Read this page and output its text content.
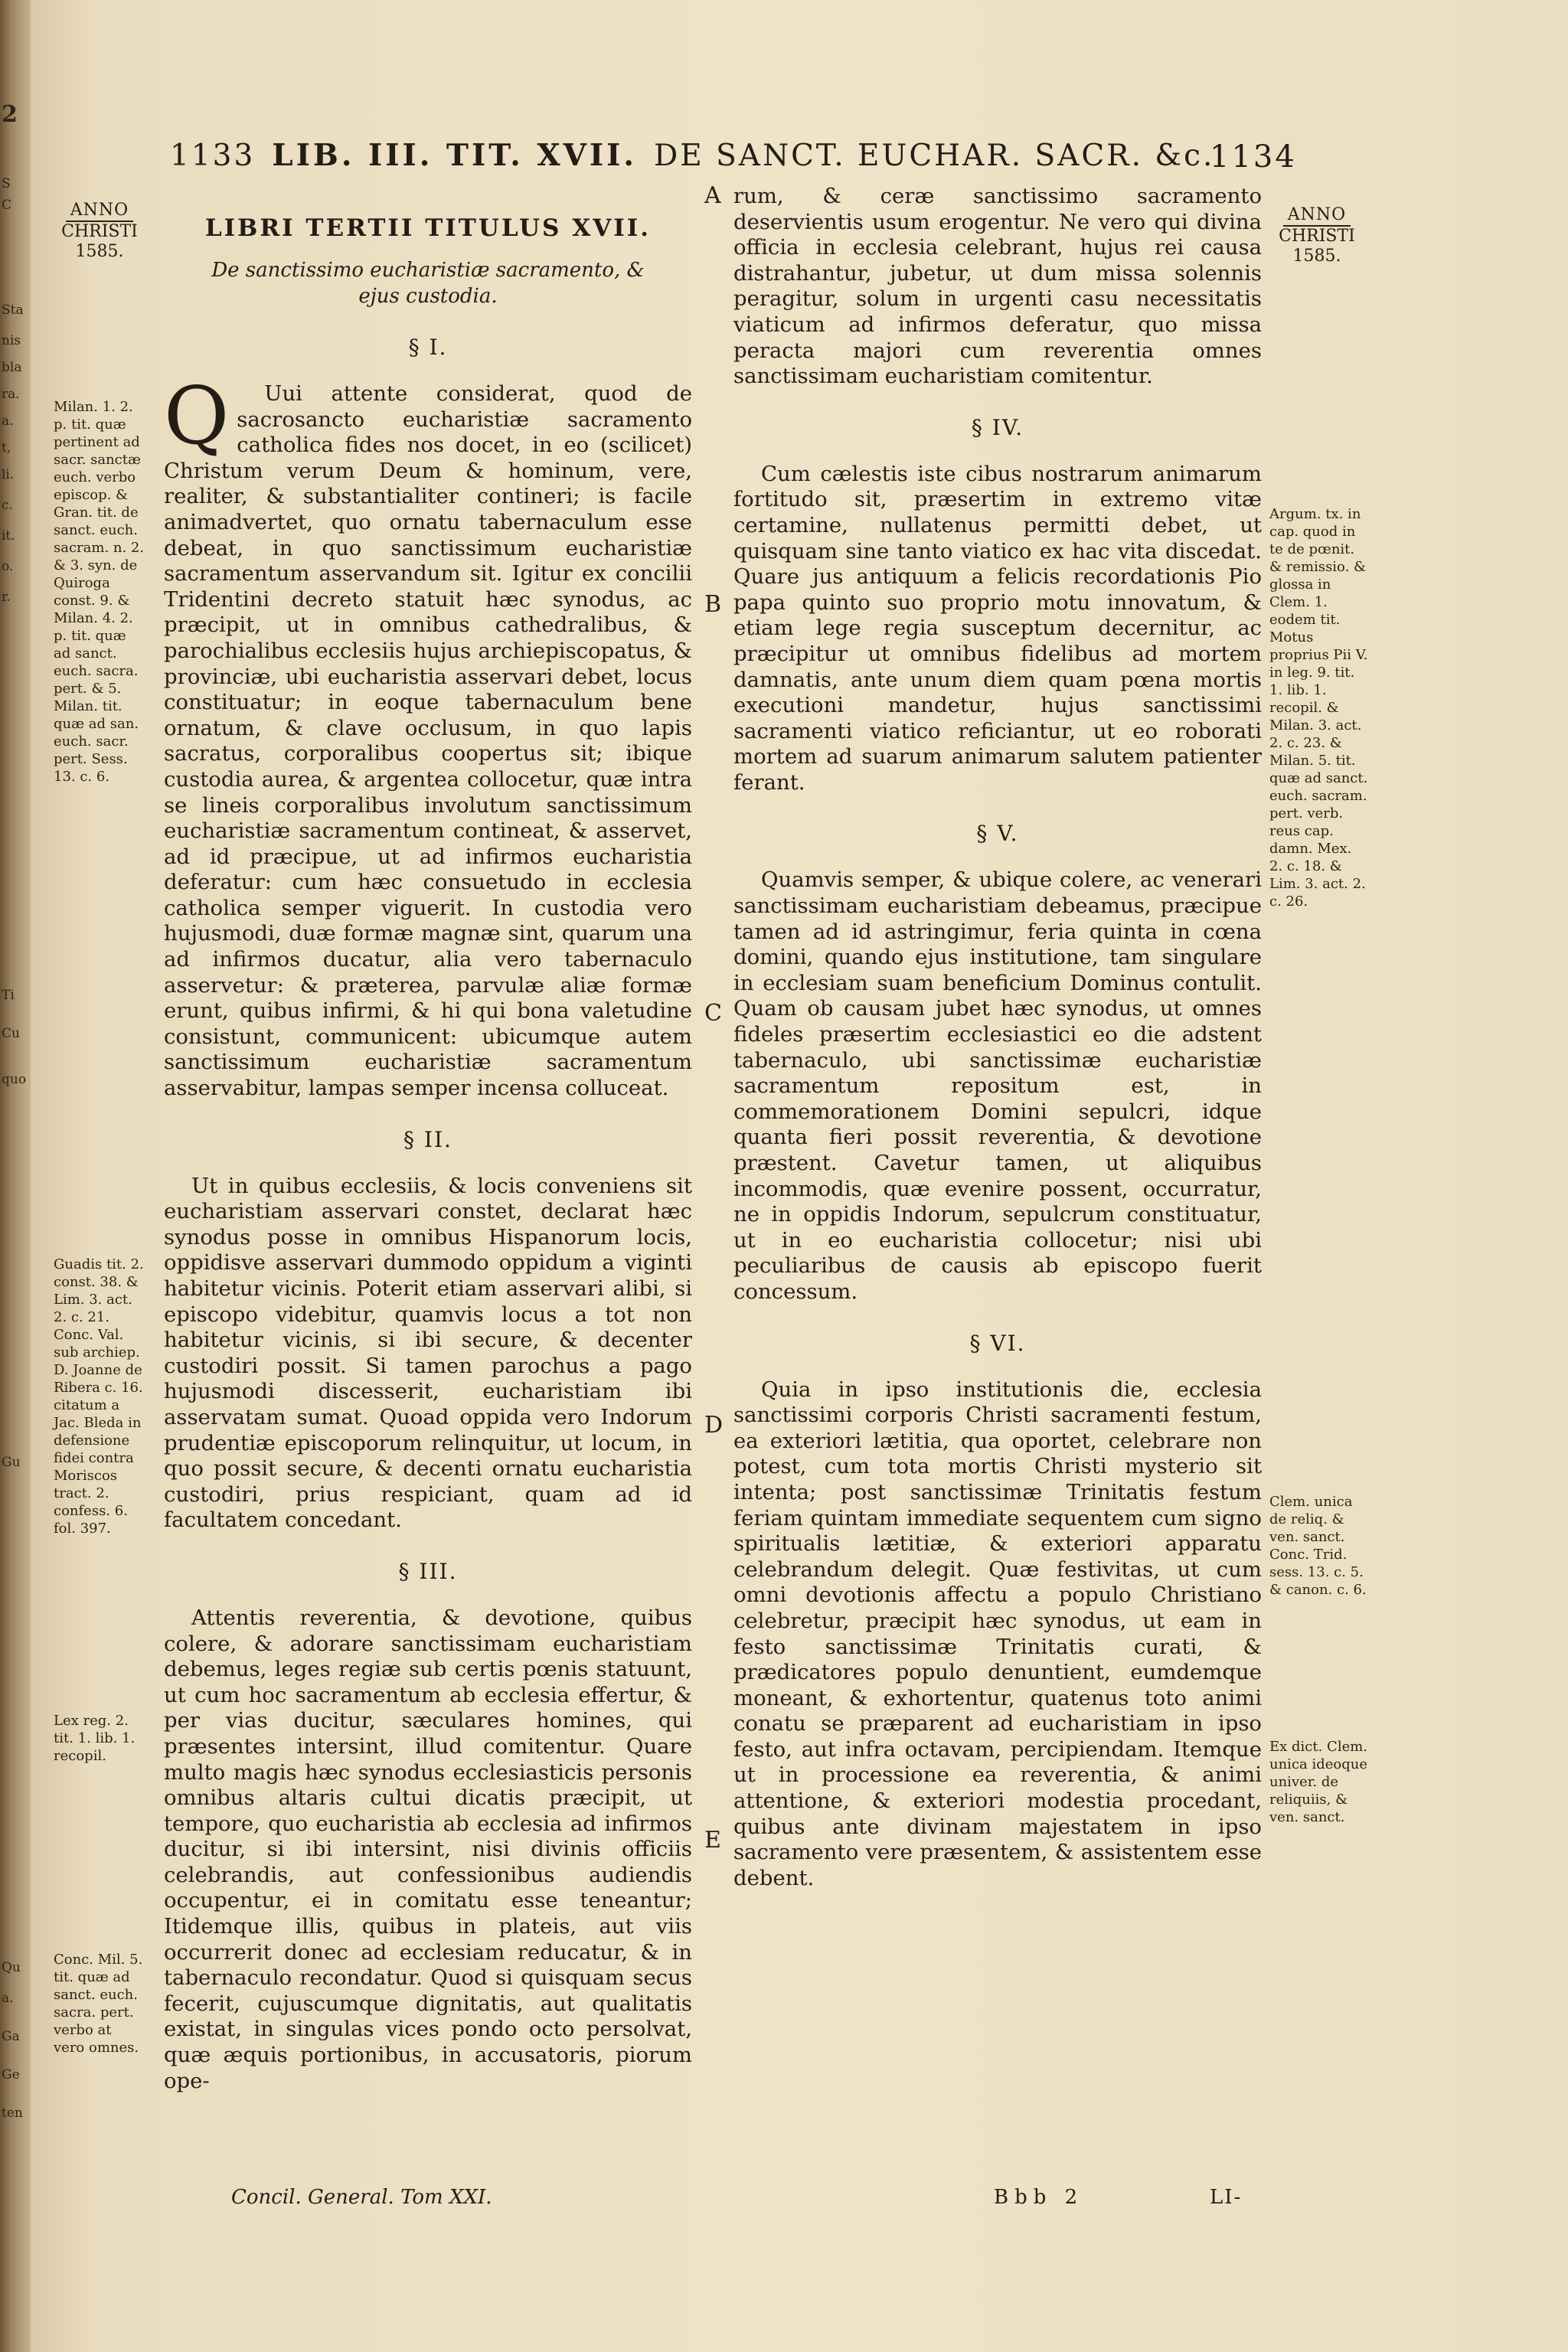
2
S
C
Sta
nis
bla
ra.
a.
t,
li.
c.
it.
o.
r.
Ti
Cu
quo
Gu
Qu
a.
Ga
Ge
ten
1133 LIB. III. TIT. XVII. DE SANCT. EUCHAR. SACR. &c.
1134
ANNO
CHRISTI
1585.
ANNO
CHRISTI
1585.
LIBRI TERTII TITULUS XVII.
De sanctissimo eucharistiæ sacramento, & ejus custodia.
§ I.

Q Uui attente considerat, quod de sacrosancto eucharistiæ sacramento catholica fides nos docet, in eo (scilicet) Christum verum Deum & hominum, vere, realiter, & substantialiter contineri; is facile animadvertet, quo ornatu tabernaculum esse debeat, in quo sanctissimum eucharistiæ sacramentum asservandum sit. Igitur ex concilii Tridentini decreto statuit hæc synodus, ac præcipit, ut in omnibus cathedralibus, & parochialibus ecclesiis hujus archiepiscopatus, & provinciæ, ubi eucharistia asservari debet, locus constituatur; in eoque tabernaculum bene ornatum, & clave occlusum, in quo lapis sacratus, corporalibus coopertus sit; ibique custodia aurea, & argentea collocetur, quæ intra se lineis corporalibus involutum sanctissimum eucharistiæ sacramentum contineat, & asservet, ad id præcipue, ut ad infirmos eucharistia deferatur: cum hæc consuetudo in ecclesia catholica semper viguerit. In custodia vero hujusmodi, duæ formæ magnæ sint, quarum una ad infirmos ducatur, alia vero tabernaculo asservetur: & præterea, parvulæ aliæ formæ erunt, quibus infirmi, & hi qui bona valetudine consistunt, communicent: ubicumque autem sanctissimum eucharistiæ sacramentum asservabitur, lampas semper incensa colluceat.

§ II.

Ut in quibus ecclesiis, & locis conveniens sit eucharistiam asservari constet, declarat hæc synodus posse in omnibus Hispanorum locis, oppidisve asservari dummodo oppidum a viginti habitetur vicinis. Poterit etiam asservari alibi, si episcopo videbitur, quamvis locus a tot non habitetur vicinis, si ibi secure, & decenter custodiri possit. Si tamen parochus a pago hujusmodi discesserit, eucharistiam ibi asservatam sumat. Quoad oppida vero Indorum prudentiæ episcoporum relinquitur, ut locum, in quo possit secure, & decenti ornatu eucharistia custodiri, prius respiciant, quam ad id facultatem concedant.

§ III.

Attentis reverentia, & devotione, quibus colere, & adorare sanctissimam eucharistiam debemus, leges regiæ sub certis pœnis statuunt, ut cum hoc sacramentum ab ecclesia effertur, & per vias ducitur, sæculares homines, qui præsentes intersint, illud comitentur. Quare multo magis hæc synodus ecclesiasticis personis omnibus altaris cultui dicatis præcipit, ut tempore, quo eucharistia ab ecclesia ad infirmos ducitur, si ibi intersint, nisi divinis officiis celebrandis, aut confessionibus audiendis occupentur, ei in comitatu esse teneantur; Itidemque illis, quibus in plateis, aut viis occurrerit donec ad ecclesiam reducatur, & in tabernaculo recondatur. Quod si quisquam secus fecerit, cujuscumque dignitatis, aut qualitatis existat, in singulas vices pondo octo persolvat, quæ æquis portionibus, in accusatoris, piorum ope-

rum, & ceræ sanctissimo sacramento deservientis usum erogentur. Ne vero qui divina officia in ecclesia celebrant, hujus rei causa distrahantur, jubetur, ut dum missa solennis peragitur, solum in urgenti casu necessitatis viaticum ad infirmos deferatur, quo missa peracta majori cum reverentia omnes sanctissimam eucharistiam comitentur.

§ IV.

Cum cælestis iste cibus nostrarum animarum fortitudo sit, præsertim in extremo vitæ certamine, nullatenus permitti debet, ut quisquam sine tanto viatico ex hac vita discedat. Quare jus antiquum a felicis recordationis Pio papa quinto suo proprio motu innovatum, & etiam lege regia susceptum decernitur, ac præcipitur ut omnibus fidelibus ad mortem damnatis, ante unum diem quam pœna mortis executioni mandetur, hujus sanctissimi sacramenti viatico reficiantur, ut eo roborati mortem ad suarum animarum salutem patienter ferant.

§ V.

Quamvis semper, & ubique colere, ac venerari sanctissimam eucharistiam debeamus, præcipue tamen ad id astringimur, feria quinta in cœna domini, quando ejus institutione, tam singulare in ecclesiam suam beneficium Dominus contulit. Quam ob causam jubet hæc synodus, ut omnes fideles præsertim ecclesiastici eo die adstent tabernaculo, ubi sanctissimæ eucharistiæ sacramentum repositum est, in commemorationem Domini sepulcri, idque quanta fieri possit reverentia, & devotione præstent. Cavetur tamen, ut aliquibus incommodis, quæ evenire possent, occurratur, ne in oppidis Indorum, sepulcrum constituatur, ut in eo eucharistia collocetur; nisi ubi peculiaribus de causis ab episcopo fuerit concessum.

§ VI.

Quia in ipso institutionis die, ecclesia sanctissimi corporis Christi sacramenti festum, ea exteriori lætitia, qua oportet, celebrare non potest, cum tota mortis Christi mysterio sit intenta; post sanctissimæ Trinitatis festum feriam quintam immediate sequentem cum signo spiritualis lætitiæ, & exteriori apparatu celebrandum delegit. Quæ festivitas, ut cum omni devotionis affectu a populo Christiano celebretur, præcipit hæc synodus, ut eam in festo sanctissimæ Trinitatis curati, & prædicatores populo denuntient, eumdemque moneant, & exhortentur, quatenus toto animi conatu se præparent ad eucharistiam in ipso festo, aut infra octavam, percipiendam. Itemque ut in processione ea reverentia, & animi attentione, & exteriori modestia procedant, quibus ante divinam majestatem in ipso sacramento vere præsentem, & assistentem esse debent.

Milan. 1. 2. p. tit. quæ pertinent ad sacr. sanctæ euch. verbo episcop. & Gran. tit. de sanct. euch. sacram. n. 2. & 3. syn. de Quiroga const. 9. & Milan. 4. 2. p. tit. quæ ad sanct. euch. sacra. pert. & 5. Milan. tit. quæ ad san. euch. sacr. pert. Sess. 13. c. 6.
Guadis tit. 2. const. 38. & Lim. 3. act. 2. c. 21. Conc. Val. sub archiep. D. Joanne de Ribera c. 16. citatum a Jac. Bleda in defensione fidei contra Moriscos tract. 2. confess. 6. fol. 397.
Lex reg. 2. tit. 1. lib. 1. recopil.
Conc. Mil. 5. tit. quæ ad sanct. euch. sacra. pert. verbo at vero omnes.
Argum. tx. in cap. quod in te de pœnit. & remissio. & glossa in Clem. 1. eodem tit. Motus proprius Pii V. in leg. 9. tit. 1. lib. 1. recopil. & Milan. 3. act. 2. c. 23. & Milan. 5. tit. quæ ad sanct. euch. sacram. pert. verb. reus cap. damn. Mex. 2. c. 18. & Lim. 3. act. 2. c. 26.
Clem. unica de reliq. & ven. sanct. Conc. Trid. sess. 13. c. 5. & canon. c. 6.
Ex dict. Clem. unica ideoque univer. de reliquiis, & ven. sanct.
A
B
C
D
E
Concil. General. Tom XXI.	Bbb 2	LI-
